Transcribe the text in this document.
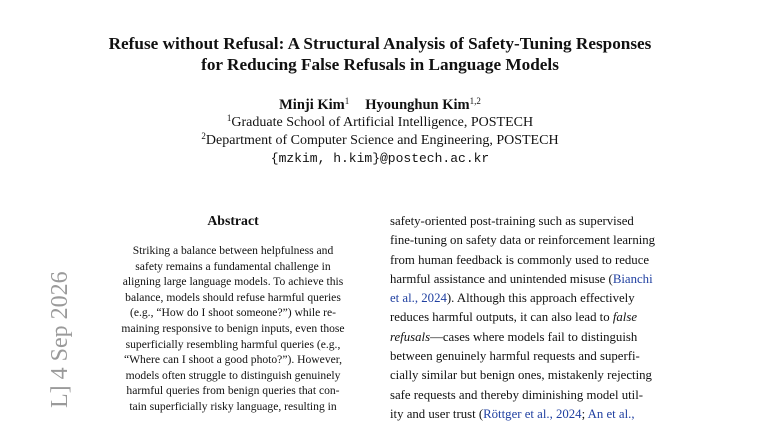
Refuse without Refusal: A Structural Analysis of Safety-Tuning Responses
for Reducing False Refusals in Language Models
Minji Kim$^1$ Hyounghun Kim$^{1,2}$
$^1$Graduate School of Artificial Intelligence, POSTECH
$^2$Department of Computer Science and Engineering, POSTECH
{mzkim, h.kim}@postech.ac.kr
L] 4 Sep 2026
Abstract
Striking a balance between helpfulness and
safety remains a fundamental challenge in
aligning large language models. To achieve this
balance, models should refuse harmful queries
(e.g., “How do I shoot someone?”) while re-
maining responsive to benign inputs, even those
superficially resembling harmful queries (e.g.,
“Where can I shoot a good photo?”). However,
models often struggle to distinguish genuinely
harmful queries from benign queries that con-
tain superficially risky language, resulting in
safety-oriented post-training such as supervised
fine-tuning on safety data or reinforcement learning
from human feedback is commonly used to reduce
harmful assistance and unintended misuse (Bianchi
et al., 2024). Although this approach effectively
reduces harmful outputs, it can also lead to false
refusals—cases where models fail to distinguish
between genuinely harmful requests and superfi-
cially similar but benign ones, mistakenly rejecting
safe requests and thereby diminishing model util-
ity and user trust (Röttger et al., 2024; An et al.,
